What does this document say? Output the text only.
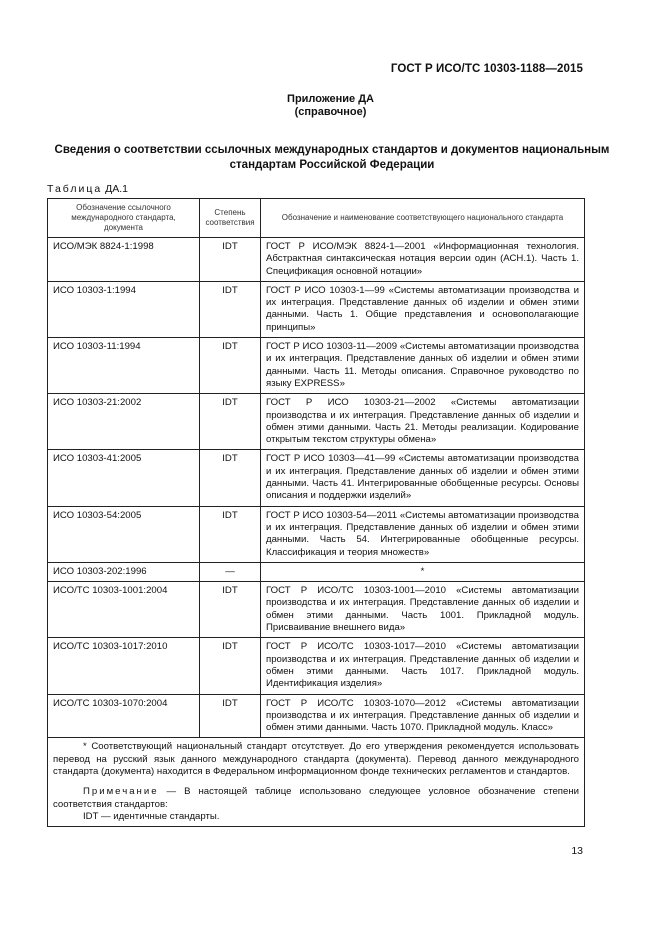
ГОСТ Р ИСО/ТС 10303-1188—2015
Приложение ДА
(справочное)
Сведения о соответствии ссылочных международных стандартов и документов национальным стандартам Российской Федерации
Таблица ДА.1
Обозначение ссылочного международного стандарта, документа	Степень соответствия	Обозначение и наименование соответствующего национального стандарта
ИСО/МЭК 8824-1:1998	IDT	ГОСТ Р ИСО/МЭК 8824-1—2001 «Информационная технология. Абстрактная синтаксическая нотация версии один (АСН.1). Часть 1. Спецификация основной нотации»
ИСО 10303-1:1994	IDT	ГОСТ Р ИСО 10303-1—99 «Системы автоматизации производства и их интеграция. Представление данных об изделии и обмен этими данными. Часть 1. Общие представления и основополагающие принципы»
ИСО 10303-11:1994	IDT	ГОСТ Р ИСО 10303-11—2009 «Системы автоматизации производства и их интеграция. Представление данных об изделии и обмен этими данными. Часть 11. Методы описания. Справочное руководство по языку EXPRESS»
ИСО 10303-21:2002	IDT	ГОСТ Р ИСО 10303-21—2002 «Системы автоматизации производства и их интеграция. Представление данных об изделии и обмен этими данными. Часть 21. Методы реализации. Кодирование открытым текстом структуры обмена»
ИСО 10303-41:2005	IDT	ГОСТ Р ИСО 10303—41—99 «Системы автоматизации производства и их интеграция. Представление данных об изделии и обмен этими данными. Часть 41. Интегрированные обобщенные ресурсы. Основы описания и поддержки изделий»
ИСО 10303-54:2005	IDT	ГОСТ Р ИСО 10303-54—2011 «Системы автоматизации производства и их интеграция. Представление данных об изделии и обмен этими данными. Часть 54. Интегрированные обобщенные ресурсы. Классификация и теория множеств»
ИСО 10303-202:1996	—	*
ИСО/ТС 10303-1001:2004	IDT	ГОСТ Р ИСО/ТС 10303-1001—2010 «Системы автоматизации производства и их интеграция. Представление данных об изделии и обмен этими данными. Часть 1001. Прикладной модуль. Присваивание внешнего вида»
ИСО/ТС 10303-1017:2010	IDT	ГОСТ Р ИСО/ТС 10303-1017—2010 «Системы автоматизации производства и их интеграция. Представление данных об изделии и обмен этими данными. Часть 1017. Прикладной модуль. Идентификация изделия»
ИСО/ТС 10303-1070:2004	IDT	ГОСТ Р ИСО/ТС 10303-1070—2012 «Системы автоматизации производства и их интеграция. Представление данных об изделии и обмен этими данными. Часть 1070. Прикладной модуль. Класс»

* Соответствующий национальный стандарт отсутствует. До его утверждения рекомендуется использовать перевод на русский язык данного международного стандарта (документа). Перевод данного международного стандарта (документа) находится в Федеральном информационном фонде технических регламентов и стандартов.

Примечание — В настоящей таблице использовано следующее условное обозначение степени соответствия стандартов:

IDT — идентичные стандарты.		

13
